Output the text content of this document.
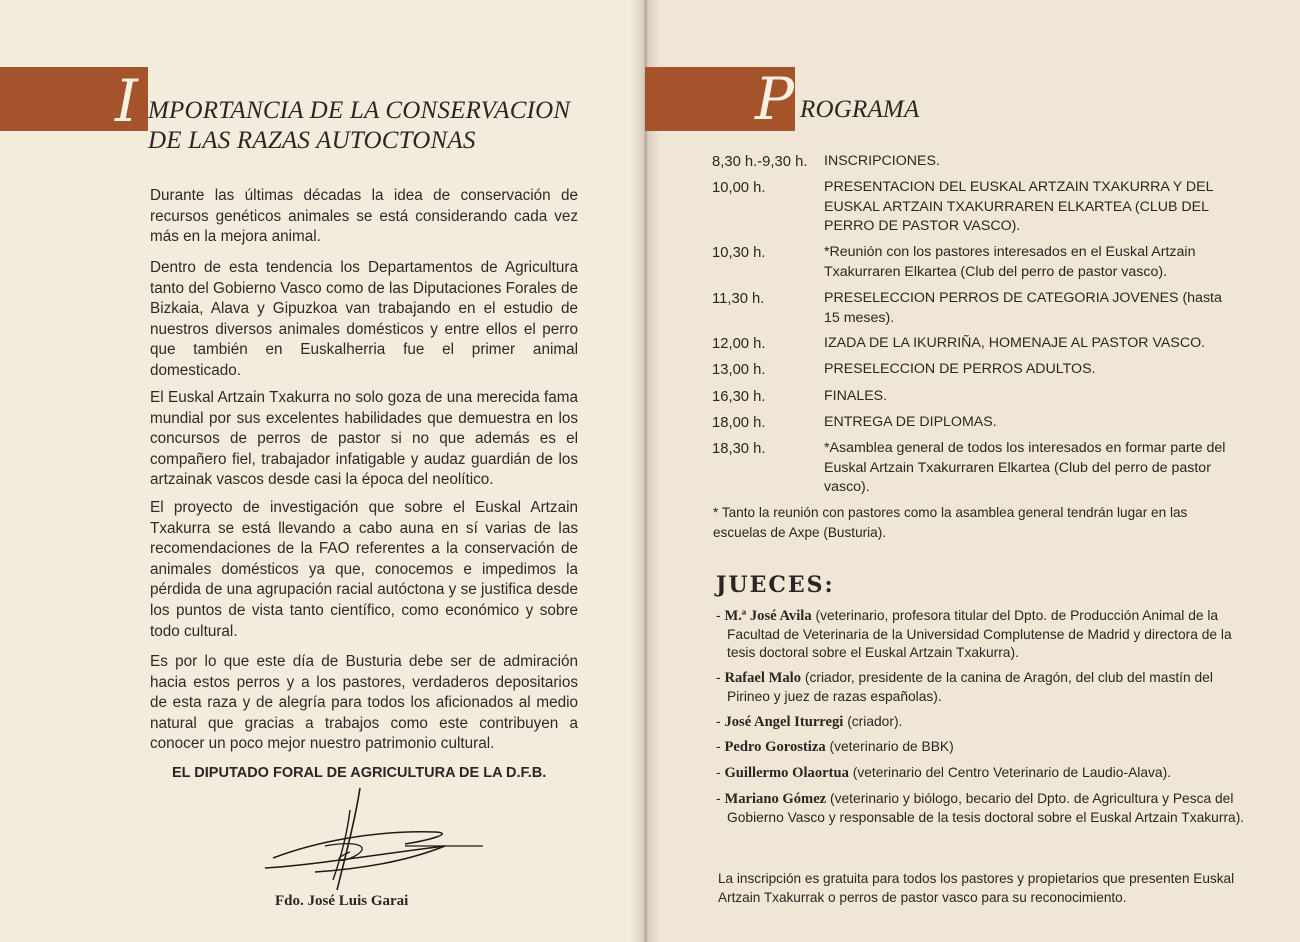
I MPORTANCIA DE LA CONSERVACION
DE LAS RAZAS AUTOCTONAS
Durante las últimas décadas la idea de conservación de recursos genéticos animales se está considerando cada vez más en la mejora animal.
Dentro de esta tendencia los Departamentos de Agricultura tanto del Gobierno Vasco como de las Diputaciones Forales de Bizkaia, Alava y Gipuzkoa van trabajando en el estudio de nuestros diversos animales domésticos y entre ellos el perro que también en Euskalherria fue el primer animal domesticado.
El Euskal Artzain Txakurra no solo goza de una merecida fama mundial por sus excelentes habilidades que demuestra en los concursos de perros de pastor si no que además es el compañero fiel, trabajador infatigable y audaz guardián de los artzainak vascos desde casi la época del neolítico.
El proyecto de investigación que sobre el Euskal Artzain Txakurra se está llevando a cabo auna en sí varias de las recomendaciones de la FAO referentes a la conservación de animales domésticos ya que, conocemos e impedimos la pérdida de una agrupación racial autóctona y se justifica desde los puntos de vista tanto científico, como económico y sobre todo cultural.
Es por lo que este día de Busturia debe ser de admiración hacia estos perros y a los pastores, verdaderos depositarios de esta raza y de alegría para todos los aficionados al medio natural que gracias a trabajos como este contribuyen a conocer un poco mejor nuestro patrimonio cultural.
EL DIPUTADO FORAL DE AGRICULTURA DE LA D.F.B.
Fdo. José Luis Garai
P ROGRAMA
8,30 h.-9,30 h.	INSCRIPCIONES.
10,00 h.	PRESENTACION DEL EUSKAL ARTZAIN TXAKURRA Y DEL EUSKAL ARTZAIN TXAKURRAREN ELKARTEA (CLUB DEL PERRO DE PASTOR VASCO).
10,30 h.	*Reunión con los pastores interesados en el Euskal Artzain Txakurraren Elkartea (Club del perro de pastor vasco).
11,30 h.	PRESELECCION PERROS DE CATEGORIA JOVENES (hasta 15 meses).
12,00 h.	IZADA DE LA IKURRIÑA, HOMENAJE AL PASTOR VASCO.
13,00 h.	PRESELECCION DE PERROS ADULTOS.
16,30 h.	FINALES.
18,00 h.	ENTREGA DE DIPLOMAS.
18,30 h.	*Asamblea general de todos los interesados en formar parte del Euskal Artzain Txakurraren Elkartea (Club del perro de pastor vasco).
* Tanto la reunión con pastores como la asamblea general tendrán lugar en las escuelas de Axpe (Busturia).
JUECES:
- M.ª José Avila (veterinario, profesora titular del Dpto. de Producción Animal de la Facultad de Veterinaria de la Universidad Complutense de Madrid y directora de la tesis doctoral sobre el Euskal Artzain Txakurra).
- Rafael Malo (criador, presidente de la canina de Aragón, del club del mastín del Pirineo y juez de razas españolas).
- José Angel Iturregi (criador).
- Pedro Gorostiza (veterinario de BBK)
- Guillermo Olaortua (veterinario del Centro Veterinario de Laudio-Alava).
- Mariano Gómez (veterinario y biólogo, becario del Dpto. de Agricultura y Pesca del Gobierno Vasco y responsable de la tesis doctoral sobre el Euskal Artzain Txakurra).
La inscripción es gratuita para todos los pastores y propietarios que presenten Euskal Artzain Txakurrak o perros de pastor vasco para su reconocimiento.
